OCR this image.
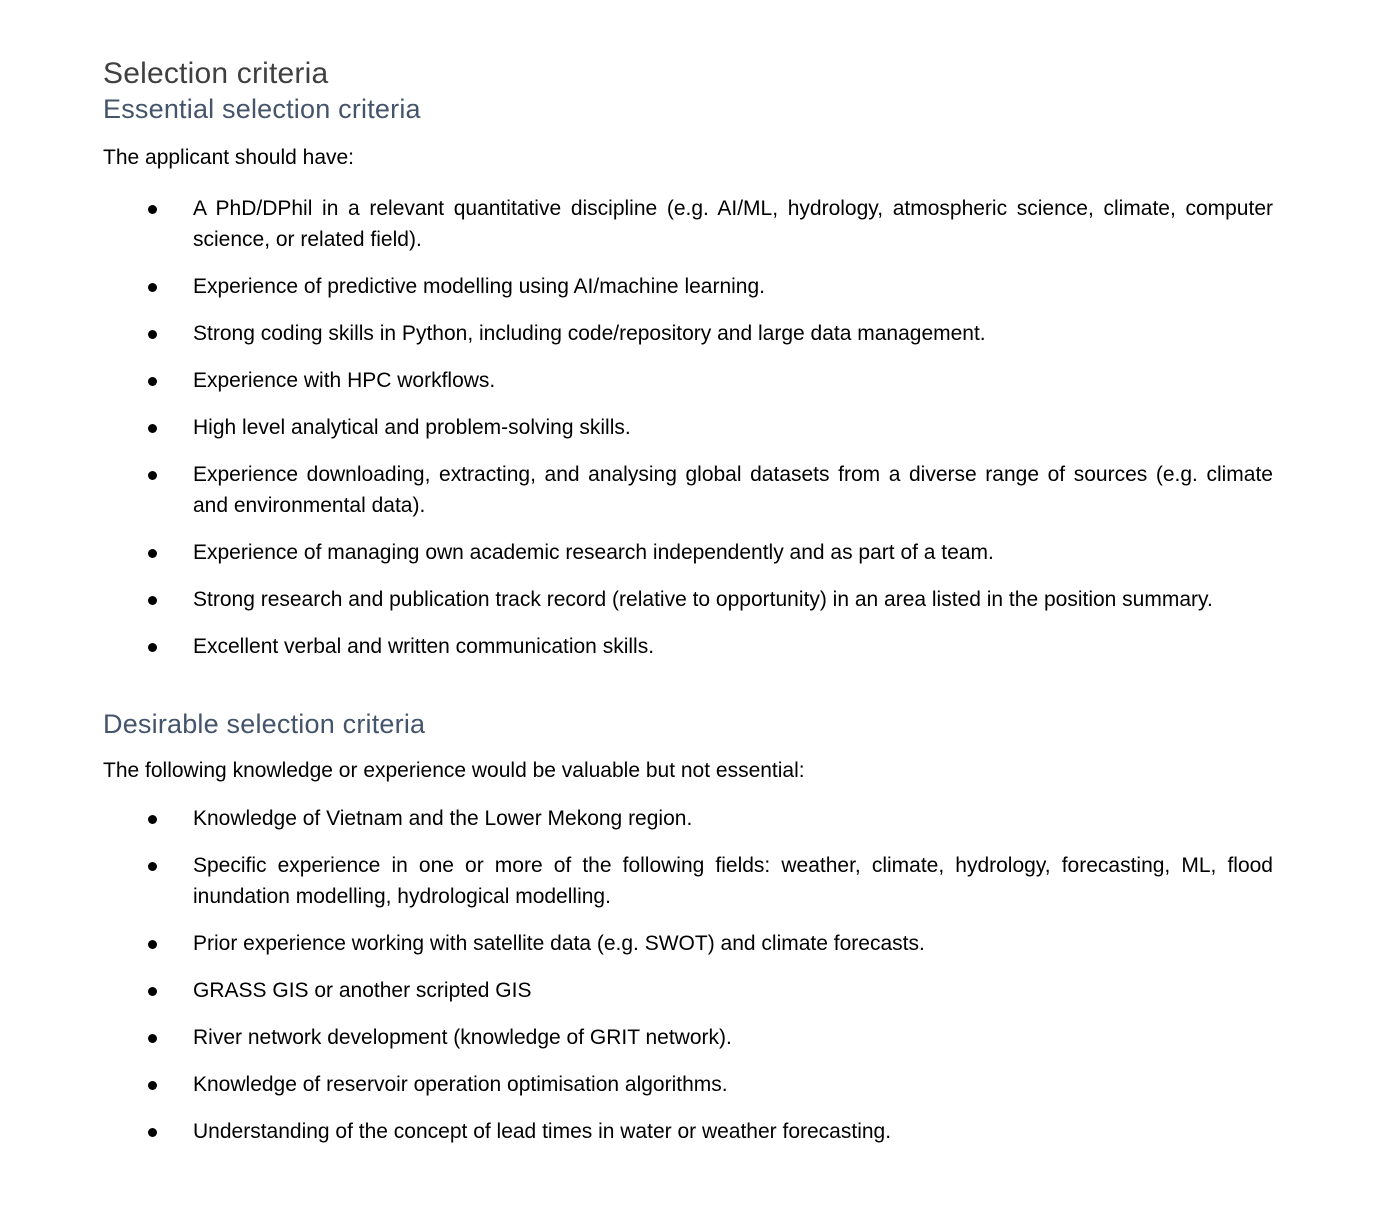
Selection criteria
Essential selection criteria

The applicant should have:

A PhD/DPhil in a relevant quantitative discipline (e.g. AI/ML, hydrology, atmospheric science, climate, computer science, or related field).
Experience of predictive modelling using AI/machine learning.
Strong coding skills in Python, including code/repository and large data management.
Experience with HPC workflows.
High level analytical and problem-solving skills.
Experience downloading, extracting, and analysing global datasets from a diverse range of sources (e.g. climate and environmental data).
Experience of managing own academic research independently and as part of a team.
Strong research and publication track record (relative to opportunity) in an area listed in the position summary.
Excellent verbal and written communication skills.
Desirable selection criteria

The following knowledge or experience would be valuable but not essential:

Knowledge of Vietnam and the Lower Mekong region.
Specific experience in one or more of the following fields: weather, climate, hydrology, forecasting, ML, flood inundation modelling, hydrological modelling.
Prior experience working with satellite data (e.g. SWOT) and climate forecasts.
GRASS GIS or another scripted GIS
River network development (knowledge of GRIT network).
Knowledge of reservoir operation optimisation algorithms.
Understanding of the concept of lead times in water or weather forecasting.
